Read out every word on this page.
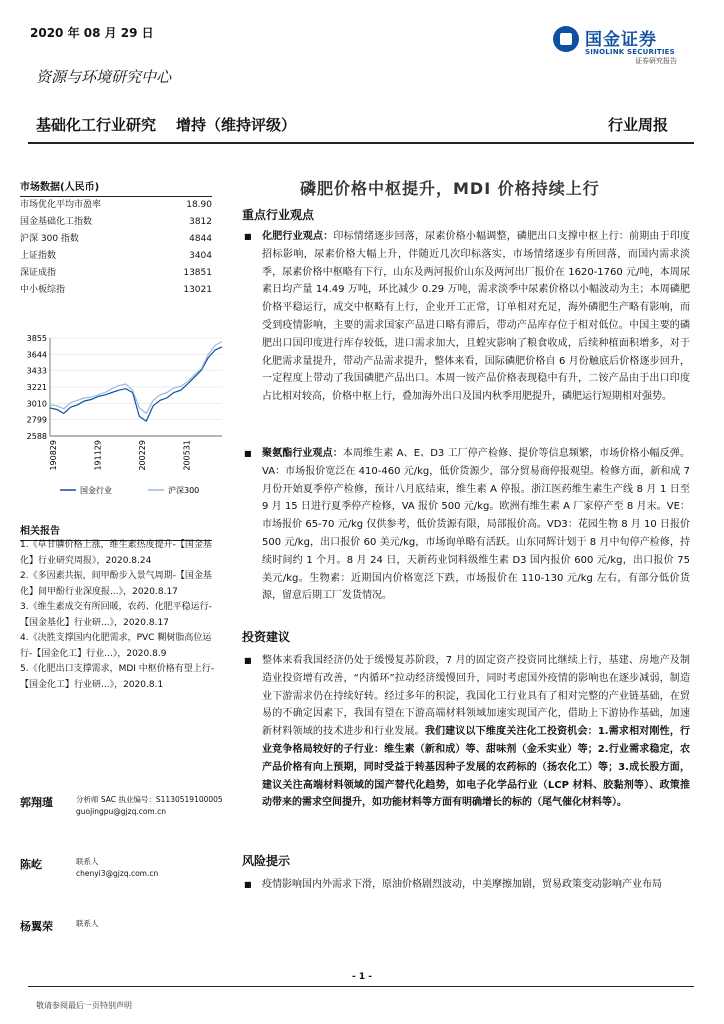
2020 年 08 月 29 日	国金证券
SINOLINK SECURITIES
证券研究报告
资源与环境研究中心
基础化工行业研究 增持（维持评级）	行业周报
市场数据(人民币)
市场优化平均市盈率	18.90
国金基础化工指数	3812
沪深 300 指数	4844
上证指数	3404
深证成指	13851
中小板综指	13021
3855
3644
3433
3221
3010
2799
2588
190829	191129	200229	200531
国金行业	沪深300
相关报告
1.《草甘膦价格上涨，维生素热度提升-【国金基化】行业研究周报》，2020.8.24
2.《多因素共振，间甲酚步入景气周期-【国金基化】间甲酚行业深度报...》，2020.8.17
3.《维生素成交有所回暖，农药、化肥平稳运行-【国金基化】行业研...》，2020.8.17
4.《决胜支撑国内化肥需求，PVC 糊树脂高位运行-【国金化工】行业...》，2020.8.9
5.《化肥出口支撑需求，MDI 中枢价格有望上行-【国金化工】行业研...》，2020.8.1
郭翔瑾	分析师 SAC 执业编号：S1130519100005
guojingpu@gjzq.com.cn
陈屹	联系人
chenyi3@gjzq.com.cn
杨翼荣	联系人
磷肥价格中枢提升，MDI 价格持续上行
重点行业观点
■ 化肥行业观点：印标情绪逐步回落，尿素价格小幅调整，磷肥出口支撑中枢上行：前期由于印度招标影响，尿素价格大幅上升，伴随近几次印标落实，市场情绪逐步有所回落，而国内需求淡季，尿素价格中枢略有下行，山东及两河报价山东及两河出厂报价在 1620-1760 元/吨，本周尿素日均产量 14.49 万吨，环比减少 0.29 万吨，需求淡季中尿素价格以小幅波动为主；本周磷肥价格平稳运行，成交中枢略有上行，企业开工正常，订单相对充足，海外磷肥生产略有影响，而受到疫情影响，主要的需求国家产品进口略有滞后，带动产品库存位于相对低位。中国主要的磷肥出口国印度进行库存较低，进口需求加大，且蝗灾影响了粮食收成，后续种植面积增多，对于化肥需求量提升，带动产品需求提升，整体来看，国际磷肥价格自 6 月份触底后价格逐步回升，一定程度上带动了我国磷肥产品出口。本周一铵产品价格表现稳中有升，二铵产品由于出口印度占比相对较高，价格中枢上行，叠加海外出口及国内秋季用肥提升，磷肥运行短期相对强势。
■ 聚氨酯行业观点：本周维生素 A、E、D3 工厂停产检修、提价等信息频繁，市场价格小幅反弹。VA：市场报价宽泛在 410-460 元/kg，低价货源少，部分贸易商停报观望。检修方面，新和成 7 月份开始夏季停产检修，预计八月底结束，维生素 A 停报。浙江医药维生素生产线 8 月 1 日至 9 月 15 日进行夏季停产检修，VA 报价 500 元/kg。欧洲有维生素 A 厂家停产至 8 月末。VE：市场报价 65-70 元/kg 仅供参考，低价货源有限，局部报价高。VD3：花园生物 8 月 10 日报价 500 元/kg，出口报价 60 美元/kg，市场询单略有活跃。山东同辉计划于 8 月中旬停产检修，持续时间约 1 个月。8 月 24 日，天新药业饲料级维生素 D3 国内报价 600 元/kg，出口报价 75 美元/kg。生物素：近期国内价格宽泛下跌，市场报价在 110-130 元/kg 左右，有部分低价货源，留意后期工厂发货情况。
投资建议
■ 整体来看我国经济仍处于缓慢复苏阶段，7 月的固定资产投资同比继续上行，基建、房地产及制造业投资增有改善，“内循环”拉动经济缓慢回升，同时考虑国外疫情的影响也在逐步减弱，制造业下游需求仍在持续好转。经过多年的积淀，我国化工行业具有了相对完整的产业链基础，在贸易的不确定因素下，我国有望在下游高端材料领域加速实现国产化，借助上下游协作基础，加速新材料领域的技术进步和行业发展。我们建议以下维度关注化工投资机会：1.需求相对刚性，行业竞争格局较好的子行业：维生素（新和成）等、甜味剂（金禾实业）等；2.行业需求稳定，农产品价格有向上预期，同时受益于转基因种子发展的农药标的（扬农化工）等；3.成长股方面，建议关注高端材料领域的国产替代化趋势，如电子化学品行业（LCP 材料、胶黏剂等）、政策推动带来的需求空间提升，如功能材料等方面有明确增长的标的（尾气催化材料等）。
风险提示
■ 疫情影响国内外需求下滑，原油价格剧烈波动，中美摩擦加剧，贸易政策变动影响产业布局
- 1 -
敬请参阅最后一页特别声明
